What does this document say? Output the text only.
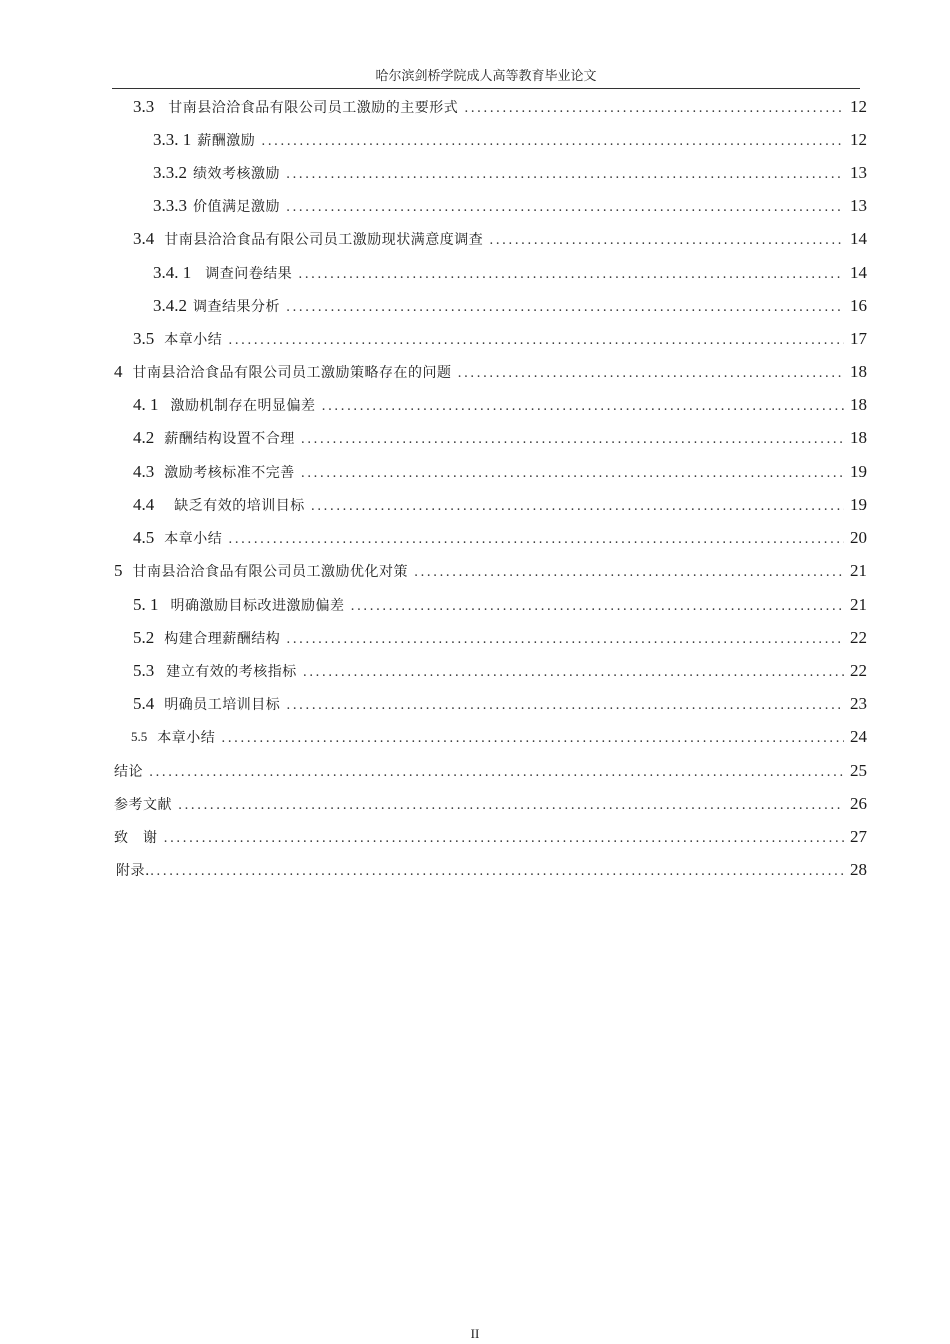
哈尔滨剑桥学院成人高等教育毕业论文
3.3 甘南县洽洽食品有限公司员工激励的主要形式 .....	12
3.3. 1 薪酬激励 .....	12
3.3.2 绩效考核激励 .....	13
3.3.3 价值满足激励 .....	13
3.4 甘南县洽洽食品有限公司员工激励现状满意度调查 .....	14
3.4. 1 调查问卷结果 .....	14
3.4.2 调查结果分析 .....	16
3.5 本章小结 .....	17
4 甘南县洽洽食品有限公司员工激励策略存在的问题 .....	18
4. 1 激励机制存在明显偏差 .....	18
4.2 薪酬结构设置不合理 .....	18
4.3 激励考核标准不完善 .....	19
4.4 缺乏有效的培训目标 .....	19
4.5 本章小结 .....	20
5 甘南县洽洽食品有限公司员工激励优化对策 .....	21
5. 1 明确激励目标改进激励偏差 .....	21
5.2 构建合理薪酬结构 .....	22
5.3 建立有效的考核指标 .....	22
5.4 明确员工培训目标 .....	23
5.5 本章小结 .....	24
结论 .....	25
参考文献 .....	26
致　谢 .....	27
附录. .....	28
II
